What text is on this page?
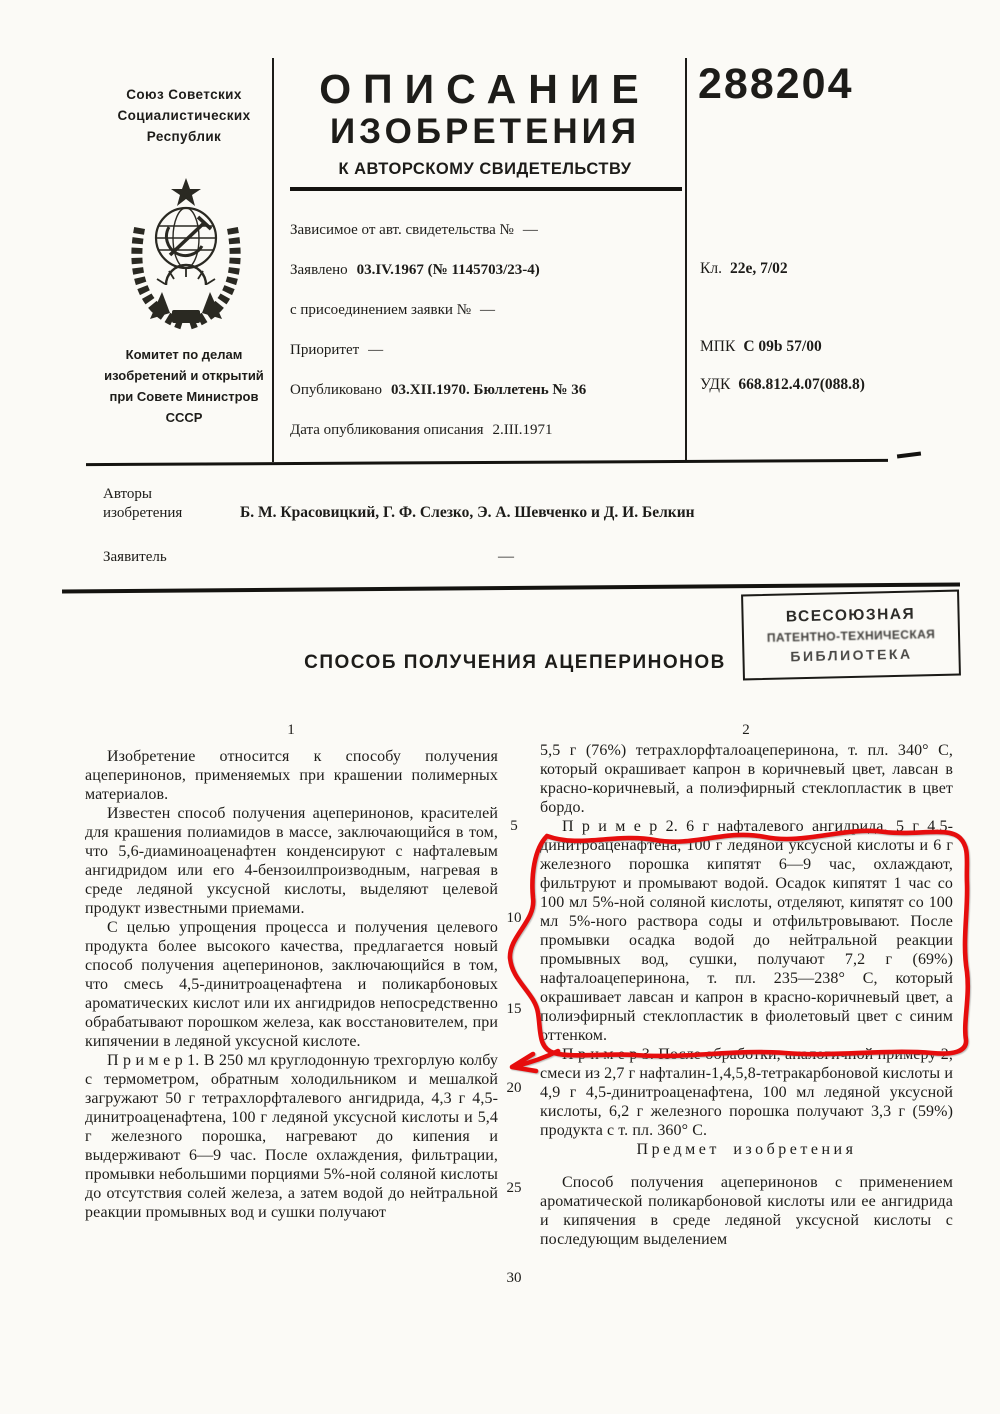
Союз Советских
Социалистических
Республик
Комитет по делам
изобретений и открытий
при Совете Министров
СССР
ОПИСАНИЕ
ИЗОБРЕТЕНИЯ
К АВТОРСКОМУ СВИДЕТЕЛЬСТВУ
Зависимое от авт. свидетельства № —
Заявлено 03.IV.1967 (№ 1145703/23-4)
с присоединением заявки № —
Приоритет —
Опубликовано 03.XII.1970. Бюллетень № 36
Дата опубликования описания 2.III.1971
288204
Кл. 22е, 7/02
МПК С 09b 57/00
УДК 668.812.4.07(088.8)
Авторы
изобретения	Б. М. Красовицкий, Г. Ф. Слезко, Э. А. Шевченко и Д. И. Белкин
Заявитель	—
ВСЕСОЮЗНАЯ
ПАТЕНТНО-ТЕХНИЧЕСКАЯ
БИБЛИОТЕКА
СПОСОБ ПОЛУЧЕНИЯ АЦЕПЕРИНОНОВ
1	2

Изобретение относится к способу получения ацеперинонов, применяемых при крашении полимерных материалов.

Известен способ получения ацеперинонов, красителей для крашения полиамидов в массе, заключающийся в том, что 5,6-диаминоаценафтен конденсируют с нафталевым ангидридом или его 4-бензоилпроизводным, нагревая в среде ледяной уксусной кислоты, выделяют целевой продукт известными приемами.

С целью упрощения процесса и получения целевого продукта более высокого качества, предлагается новый способ получения ацеперинонов, заключающийся в том, что смесь 4,5-динитроаценафтена и поликарбоновых ароматических кислот или их ангидридов непосредственно обрабатывают порошком железа, как восстановителем, при кипячении в ледяной уксусной кислоте.

П р и м е р 1. В 250 мл круглодонную трехгорлую колбу с термометром, обратным холодильником и мешалкой загружают 50 г тетрахлорфталевого ангидрида, 4,3 г 4,5-динитроаценафтена, 100 г ледяной уксусной кислоты и 5,4 г железного порошка, нагревают до кипения и выдерживают 6—9 час. После охлаждения, фильтрации, промывки небольшими порциями 5%-ной соляной кислоты до отсутствия солей железа, а затем водой до нейтральной реакции промывных вод и сушки получают

5,5 г (76%) тетрахлорфталоацеперинона, т. пл. 340° С, который окрашивает капрон в коричневый цвет, лавсан в красно-коричневый, а полиэфирный стеклопластик в цвет бордо.

П р и м е р 2. 6 г нафталевого ангидрида, 5 г 4,5-динитроаценафтена, 100 г ледяной уксусной кислоты и 6 г железного порошка кипятят 6—9 час, охлаждают, фильтруют и промывают водой. Осадок кипятят 1 час со 100 мл 5%-ной соляной кислоты, отделяют, кипятят со 100 мл 5%-ного раствора соды и отфильтровывают. После промывки осадка водой до нейтральной реакции промывных вод, сушки, получают 7,2 г (69%) нафталоацеперинона, т. пл. 235—238° С, который окрашивает лавсан и капрон в красно-коричневый цвет, а полиэфирный стеклопластик в фиолетовый цвет с синим оттенком.

П р и м е р 3. После обработки, аналогичной примеру 2, смеси из 2,7 г нафталин-1,4,5,8-тетракарбоновой кислоты и 4,9 г 4,5-динитроаценафтена, 100 мл ледяной уксусной кислоты, 6,2 г железного порошка получают 3,3 г (59%) продукта с т. пл. 360° С.

Предмет изобретения

Способ получения ацеперинонов с применением ароматической поликарбоновой кислоты или ее ангидрида и кипячения в среде ледяной уксусной кислоты с последующим выделением

5
10
15
20
25
30
